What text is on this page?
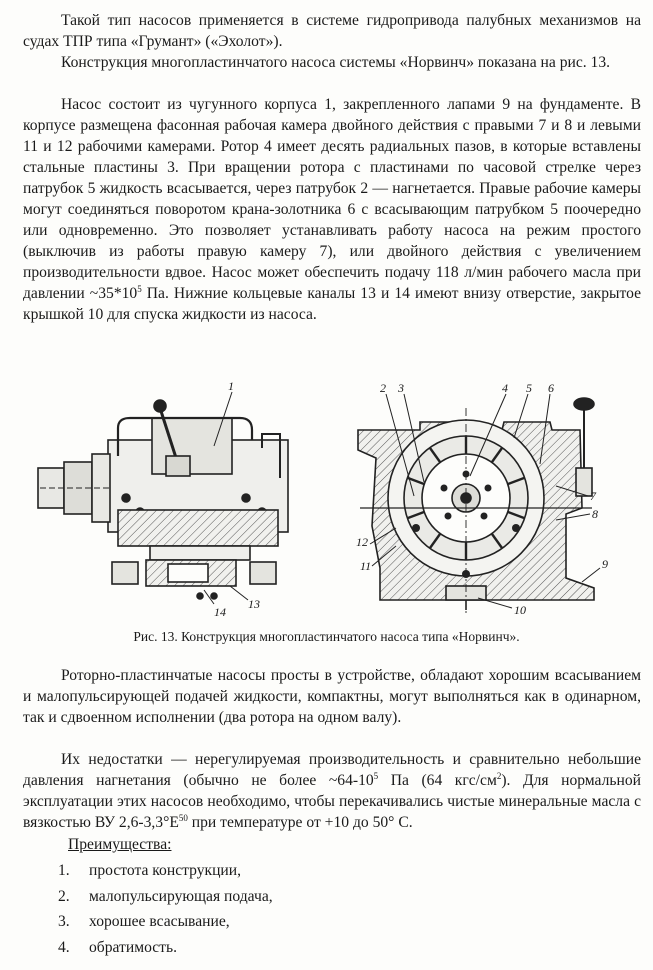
Такой тип насосов применяется в системе гидропривода палубных механизмов на судах ТПР типа «Грумант» («Эхолот»).

Конструкция многопластинчатого насоса системы «Норвинч» показана на рис. 13.

Насос состоит из чугунного корпуса 1, закрепленного лапами 9 на фундаменте. В корпусе размещена фасонная рабочая камера двойного действия с правыми 7 и 8 и левыми 11 и 12 рабочими камерами. Ротор 4 имеет десять радиальных пазов, в которые вставлены стальные пластины 3. При вращении ротора с пластинами по часовой стрелке через патрубок 5 жидкость всасывается, через патрубок 2 — нагнетается. Правые рабочие камеры могут соединяться поворотом крана-золотника 6 с всасывающим патрубком 5 поочередно или одновременно. Это позволяет устанавливать работу насоса на режим простого (выключив из работы правую камеру 7), или двойного действия с увеличением производительности вдвое. Насос может обеспечить подачу 118 л/мин рабочего масла при давлении $\sim 35*10^5$ Па. Нижние кольцевые каналы 13 и 14 имеют внизу отверстие, закрытое крышкой 10 для спуска жидкости из насоса.

1
14
13
2 3	4 5 6
7
8
9
10
11
12
Рис. 13. Конструкция многопластинчатого насоса типа «Норвинч».

Роторно-пластинчатые насосы просты в устройстве, обладают хорошим всасыванием и малопульсирующей подачей жидкости, компактны, могут выполняться как в одинарном, так и сдвоенном исполнении (два ротора на одном валу).

Их недостатки — нерегулируемая производительность и сравнительно небольшие давления нагнетания (обычно не более $\sim 64-10^5$ Па (64 кгс/$см^2$). Для нормальной эксплуатации этих насосов необходимо, чтобы перекачивались чистые минеральные масла с вязкостью ВУ $2,6-3,3^\circ Е^{50}$ при температуре от +10 до 50° С.

Преимущества:

1.	простота конструкции,
2.	малопульсирующая подача,
3.	хорошее всасывание,
4.	обратимость.
